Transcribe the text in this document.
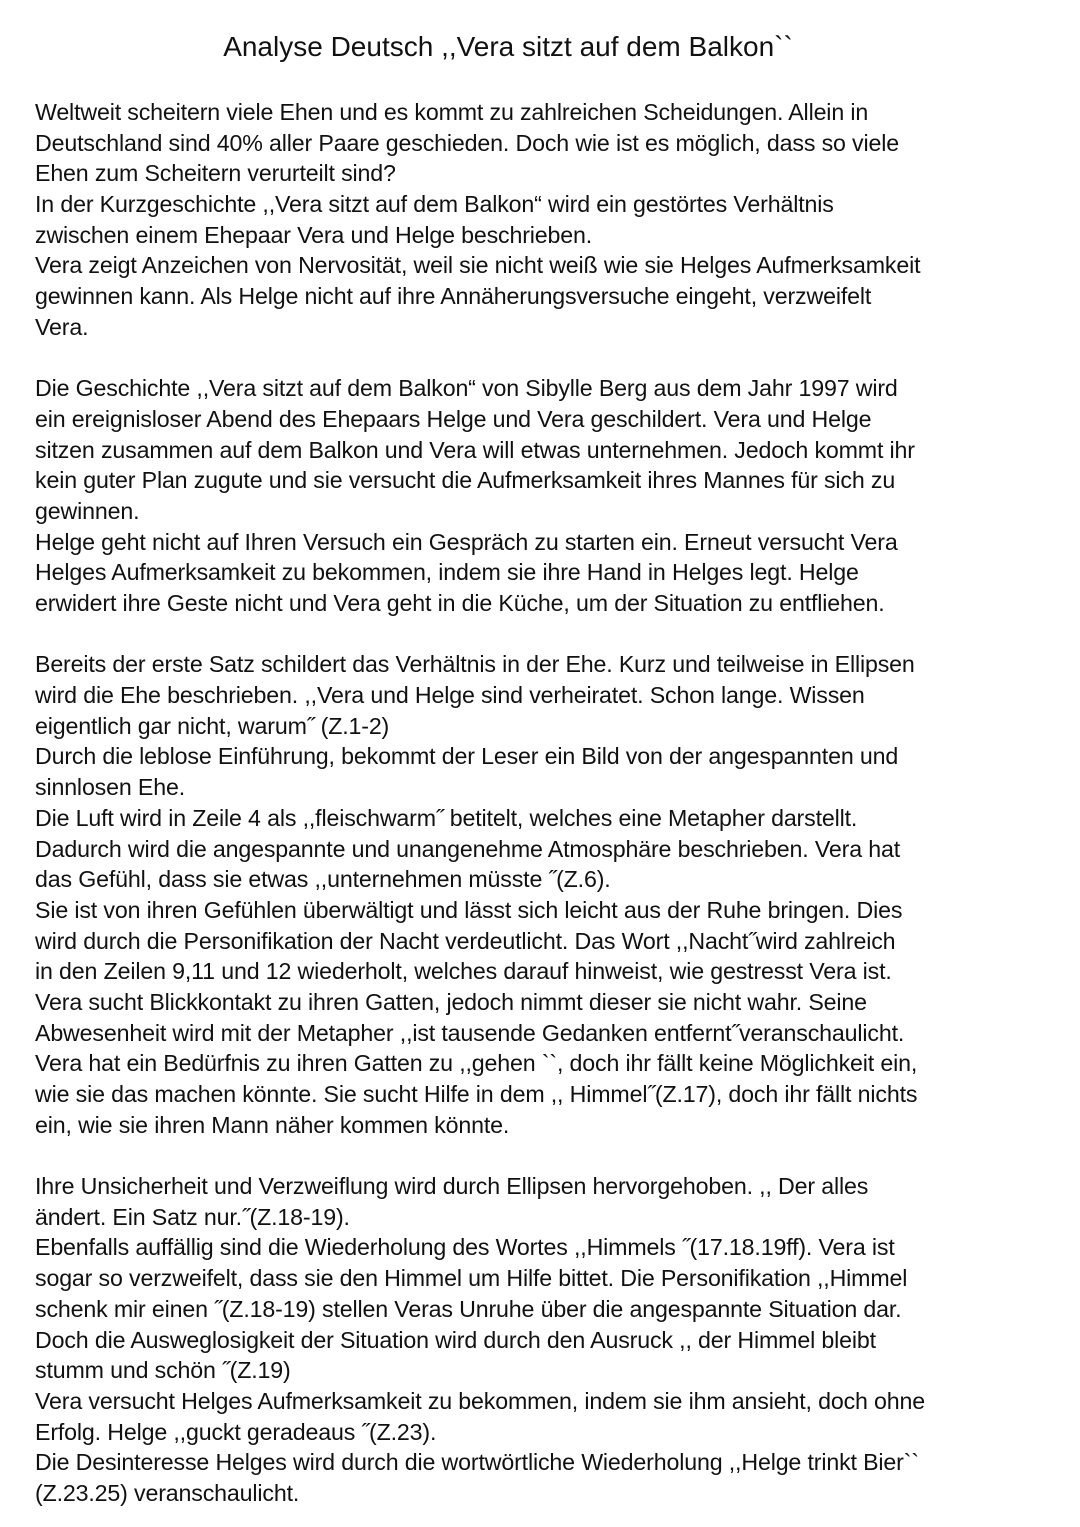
Analyse Deutsch ,,Vera sitzt auf dem Balkon``
Weltweit scheitern viele Ehen und es kommt zu zahlreichen Scheidungen. Allein in
Deutschland sind 40% aller Paare geschieden. Doch wie ist es möglich, dass so viele
Ehen zum Scheitern verurteilt sind?
In der Kurzgeschichte ,,Vera sitzt auf dem Balkon“ wird ein gestörtes Verhältnis
zwischen einem Ehepaar Vera und Helge beschrieben.
Vera zeigt Anzeichen von Nervosität, weil sie nicht weiß wie sie Helges Aufmerksamkeit
gewinnen kann. Als Helge nicht auf ihre Annäherungsversuche eingeht, verzweifelt
Vera.
Die Geschichte ,,Vera sitzt auf dem Balkon“ von Sibylle Berg aus dem Jahr 1997 wird
ein ereignisloser Abend des Ehepaars Helge und Vera geschildert. Vera und Helge
sitzen zusammen auf dem Balkon und Vera will etwas unternehmen. Jedoch kommt ihr
kein guter Plan zugute und sie versucht die Aufmerksamkeit ihres Mannes für sich zu
gewinnen.
Helge geht nicht auf Ihren Versuch ein Gespräch zu starten ein. Erneut versucht Vera
Helges Aufmerksamkeit zu bekommen, indem sie ihre Hand in Helges legt. Helge
erwidert ihre Geste nicht und Vera geht in die Küche, um der Situation zu entfliehen.
Bereits der erste Satz schildert das Verhältnis in der Ehe. Kurz und teilweise in Ellipsen
wird die Ehe beschrieben. ,,Vera und Helge sind verheiratet. Schon lange. Wissen
eigentlich gar nicht, warum˝ (Z.1-2)
Durch die leblose Einführung, bekommt der Leser ein Bild von der angespannten und
sinnlosen Ehe.
Die Luft wird in Zeile 4 als ,,fleischwarm˝ betitelt, welches eine Metapher darstellt.
Dadurch wird die angespannte und unangenehme Atmosphäre beschrieben. Vera hat
das Gefühl, dass sie etwas ,,unternehmen müsste ˝(Z.6).
Sie ist von ihren Gefühlen überwältigt und lässt sich leicht aus der Ruhe bringen. Dies
wird durch die Personifikation der Nacht verdeutlicht. Das Wort ,,Nacht˝wird zahlreich
in den Zeilen 9,11 und 12 wiederholt, welches darauf hinweist, wie gestresst Vera ist.
Vera sucht Blickkontakt zu ihren Gatten, jedoch nimmt dieser sie nicht wahr. Seine
Abwesenheit wird mit der Metapher ,,ist tausende Gedanken entfernt˝veranschaulicht.
Vera hat ein Bedürfnis zu ihren Gatten zu ,,gehen ``, doch ihr fällt keine Möglichkeit ein,
wie sie das machen könnte. Sie sucht Hilfe in dem ,, Himmel˝(Z.17), doch ihr fällt nichts
ein, wie sie ihren Mann näher kommen könnte.
Ihre Unsicherheit und Verzweiflung wird durch Ellipsen hervorgehoben. ,, Der alles
ändert. Ein Satz nur.˝(Z.18-19).
Ebenfalls auffällig sind die Wiederholung des Wortes ,,Himmels ˝(17.18.19ff). Vera ist
sogar so verzweifelt, dass sie den Himmel um Hilfe bittet. Die Personifikation ,,Himmel
schenk mir einen ˝(Z.18-19) stellen Veras Unruhe über die angespannte Situation dar.
Doch die Ausweglosigkeit der Situation wird durch den Ausruck ,, der Himmel bleibt
stumm und schön ˝(Z.19)
Vera versucht Helges Aufmerksamkeit zu bekommen, indem sie ihm ansieht, doch ohne
Erfolg. Helge ,,guckt geradeaus ˝(Z.23).
Die Desinteresse Helges wird durch die wortwörtliche Wiederholung ,,Helge trinkt Bier``
(Z.23.25) veranschaulicht.
